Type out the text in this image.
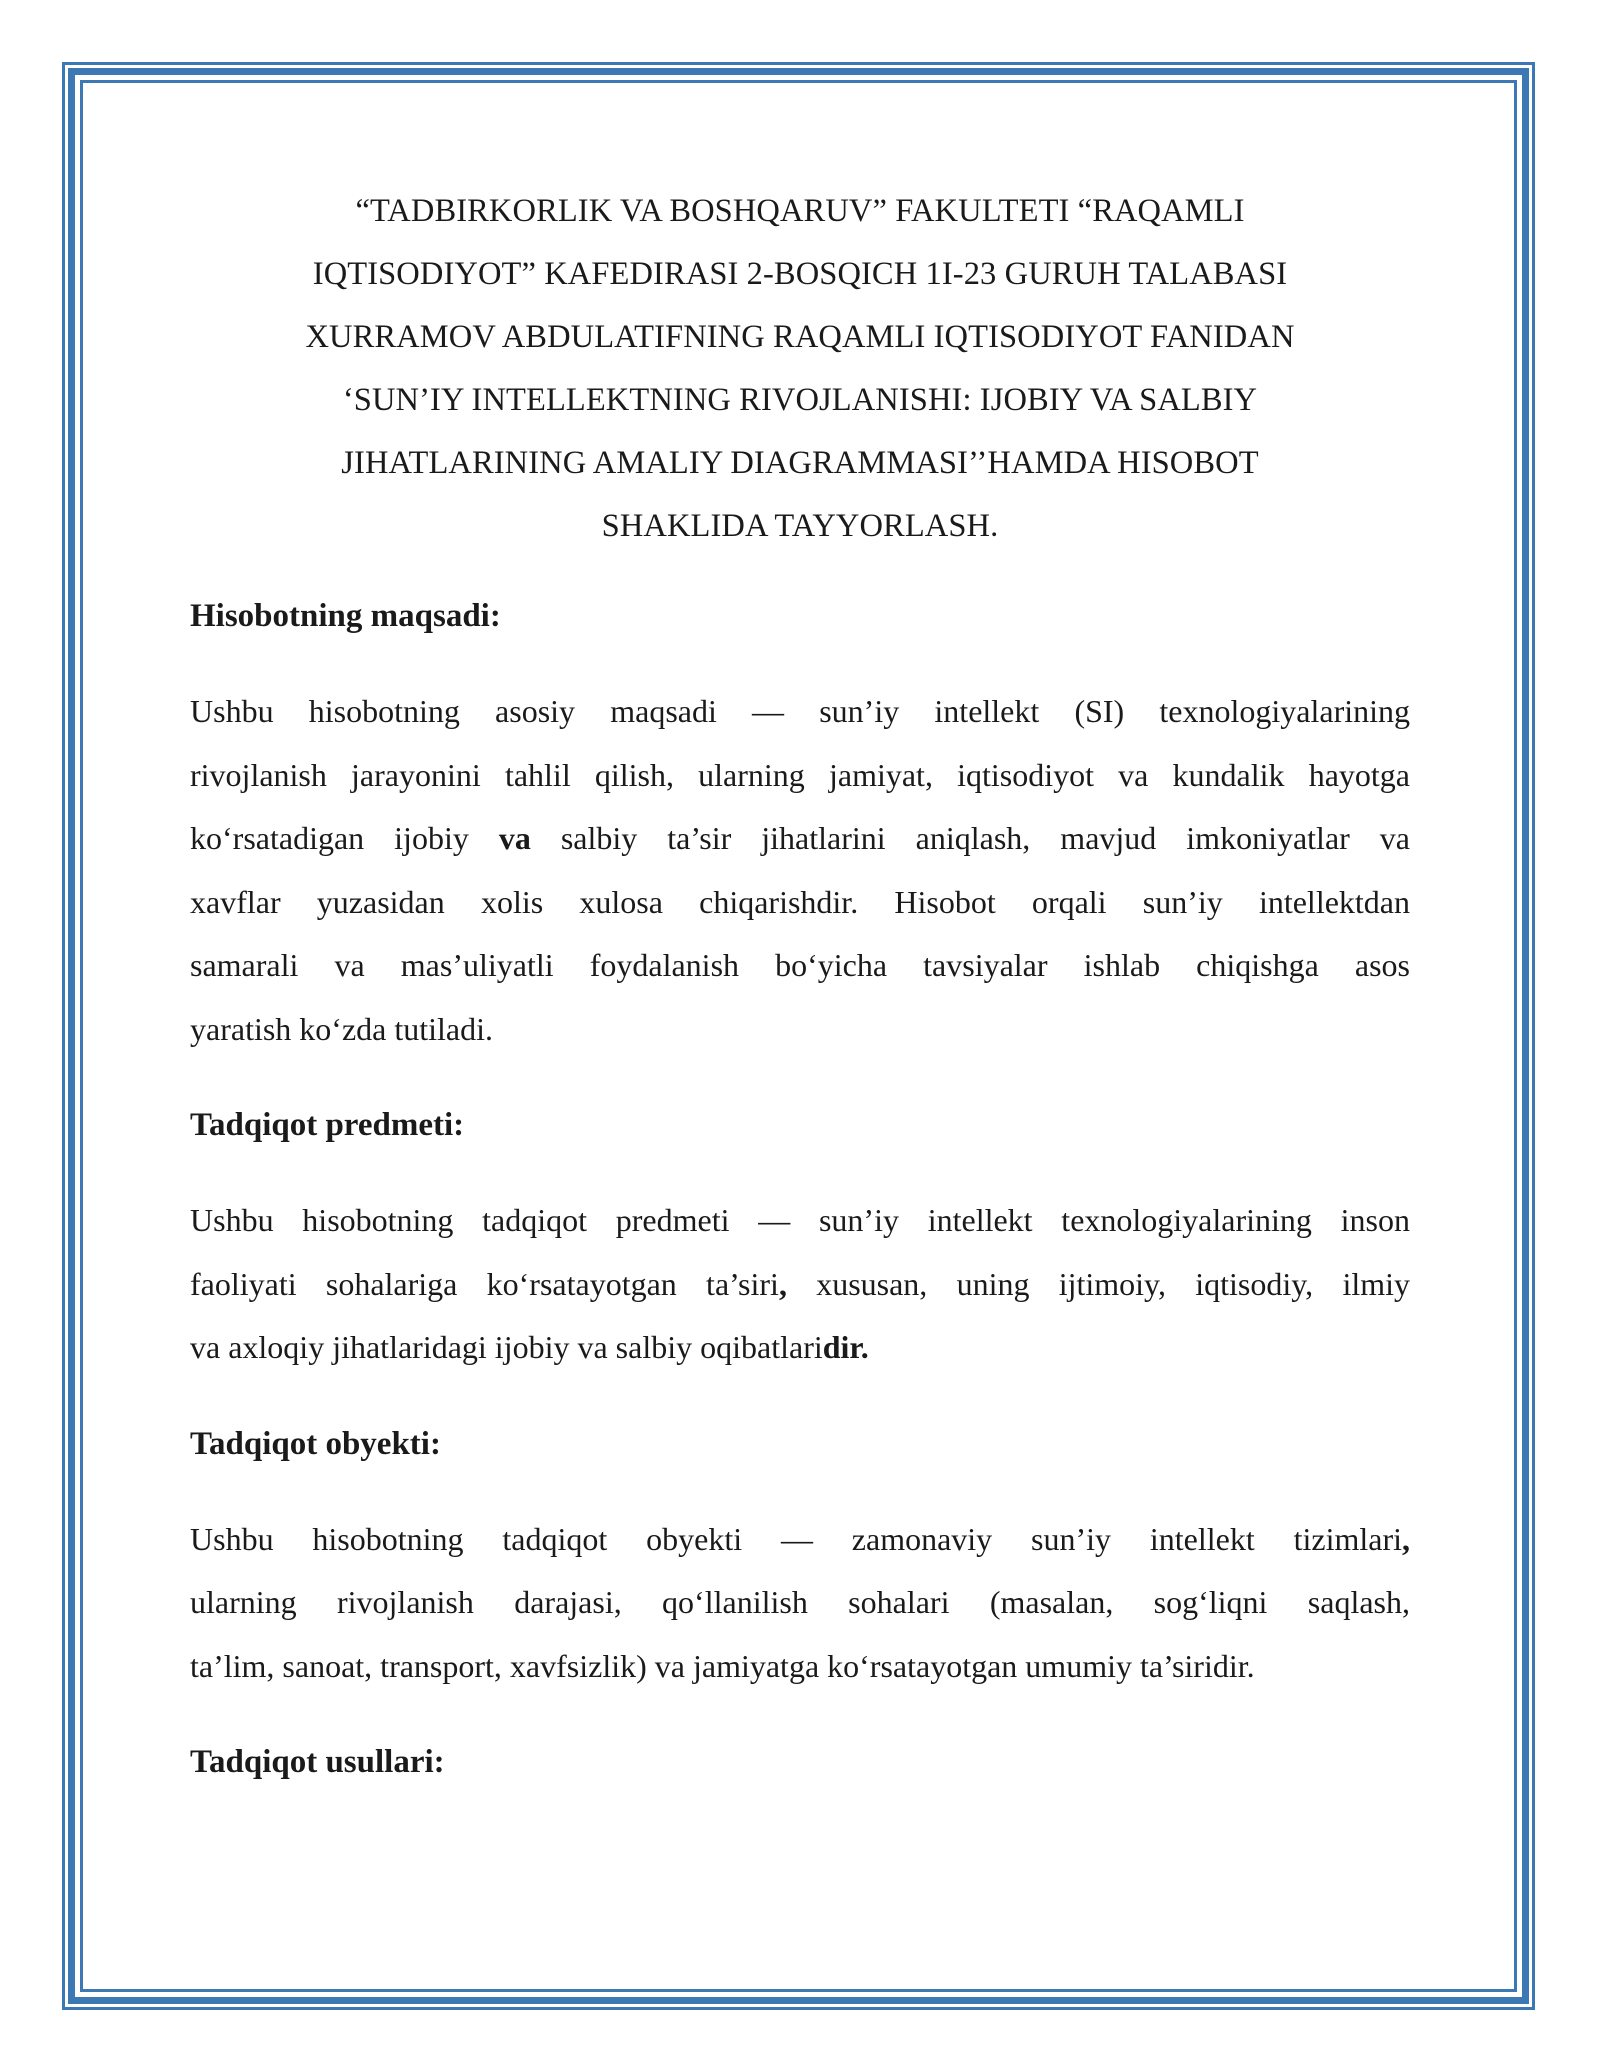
“TADBIRKORLIK VA BOSHQARUV” FAKULTETI “RAQAMLI
IQTISODIYOT” KAFEDIRASI 2-BOSQICH 1I-23 GURUH TALABASI
XURRAMOV ABDULATIFNING RAQAMLI IQTISODIYOT FANIDAN
‘SUN’IY INTELLEKTNING RIVOJLANISHI: IJOBIY VA SALBIY
JIHATLARINING AMALIY DIAGRAMMASI’’HAMDA HISOBOT
SHAKLIDA TAYYORLASH.
Hisobotning maqsadi:
Ushbu hisobotning asosiy maqsadi — sun’iy intellekt (SI) texnologiyalarining
rivojlanish jarayonini tahlil qilish, ularning jamiyat, iqtisodiyot va kundalik hayotga
ko‘rsatadigan ijobiy va salbiy ta’sir jihatlarini aniqlash, mavjud imkoniyatlar va
xavflar yuzasidan xolis xulosa chiqarishdir. Hisobot orqali sun’iy intellektdan
samarali va mas’uliyatli foydalanish bo‘yicha tavsiyalar ishlab chiqishga asos
yaratish ko‘zda tutiladi.
Tadqiqot predmeti:
Ushbu hisobotning tadqiqot predmeti — sun’iy intellekt texnologiyalarining inson
faoliyati sohalariga ko‘rsatayotgan ta’siri, xususan, uning ijtimoiy, iqtisodiy, ilmiy
va axloqiy jihatlaridagi ijobiy va salbiy oqibatlaridir.
Tadqiqot obyekti:
Ushbu hisobotning tadqiqot obyekti — zamonaviy sun’iy intellekt tizimlari,
ularning rivojlanish darajasi, qo‘llanilish sohalari (masalan, sog‘liqni saqlash,
ta’lim, sanoat, transport, xavfsizlik) va jamiyatga ko‘rsatayotgan umumiy ta’siridir.
Tadqiqot usullari:
